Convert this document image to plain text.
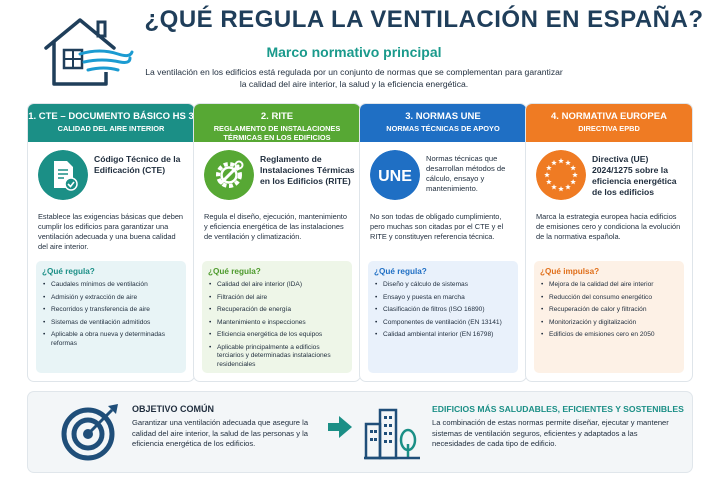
¿QUÉ REGULA LA VENTILACIÓN EN ESPAÑA?
Marco normativo principal
La ventilación en los edificios está regulada por un conjunto de normas que se complementan para garantizar la calidad del aire interior, la salud y la eficiencia energética.
1. CTE – DOCUMENTO BÁSICO HS 3
CALIDAD DEL AIRE INTERIOR
Código Técnico de la Edificación (CTE)
Establece las exigencias básicas que deben cumplir los edificios para garantizar una ventilación adecuada y una buena calidad del aire interior.
¿Qué regula?
• Caudales mínimos de ventilación
• Admisión y extracción de aire
• Recorridos y transferencia de aire
• Sistemas de ventilación admitidos
• Aplicable a obra nueva y determinadas reformas
2. RITE
REGLAMENTO DE INSTALACIONES TÉRMICAS EN LOS EDIFICIOS
Reglamento de Instalaciones Térmicas en los Edificios (RITE)
Regula el diseño, ejecución, mantenimiento y eficiencia energética de las instalaciones de ventilación y climatización.
¿Qué regula?
• Calidad del aire interior (IDA)
• Filtración del aire
• Recuperación de energía
• Mantenimiento e inspecciones
• Eficiencia energética de los equipos
• Aplicable principalmente a edificios terciarios y determinadas instalaciones residenciales
3. NORMAS UNE
NORMAS TÉCNICAS DE APOYO
UNE
Normas técnicas que desarrollan métodos de cálculo, ensayo y mantenimiento.
No son todas de obligado cumplimiento, pero muchas son citadas por el CTE y el RITE y constituyen referencia técnica.
¿Qué regula?
• Diseño y cálculo de sistemas
• Ensayo y puesta en marcha
• Clasificación de filtros (ISO 16890)
• Componentes de ventilación (EN 13141)
• Calidad ambiental interior (EN 16798)
4. NORMATIVA EUROPEA
DIRECTIVA EPBD
Directiva (UE) 2024/1275 sobre la eficiencia energética de los edificios
Marca la estrategia europea hacia edificios de emisiones cero y condiciona la evolución de la normativa española.
¿Qué impulsa?
• Mejora de la calidad del aire interior
• Reducción del consumo energético
• Recuperación de calor y filtración
• Monitorización y digitalización
• Edificios de emisiones cero en 2050
OBJETIVO COMÚN
Garantizar una ventilación adecuada que asegure la calidad del aire interior, la salud de las personas y la eficiencia energética de los edificios.
EDIFICIOS MÁS SALUDABLES, EFICIENTES Y SOSTENIBLES
La combinación de estas normas permite diseñar, ejecutar y mantener sistemas de ventilación seguros, eficientes y adaptados a las necesidades de cada tipo de edificio.
